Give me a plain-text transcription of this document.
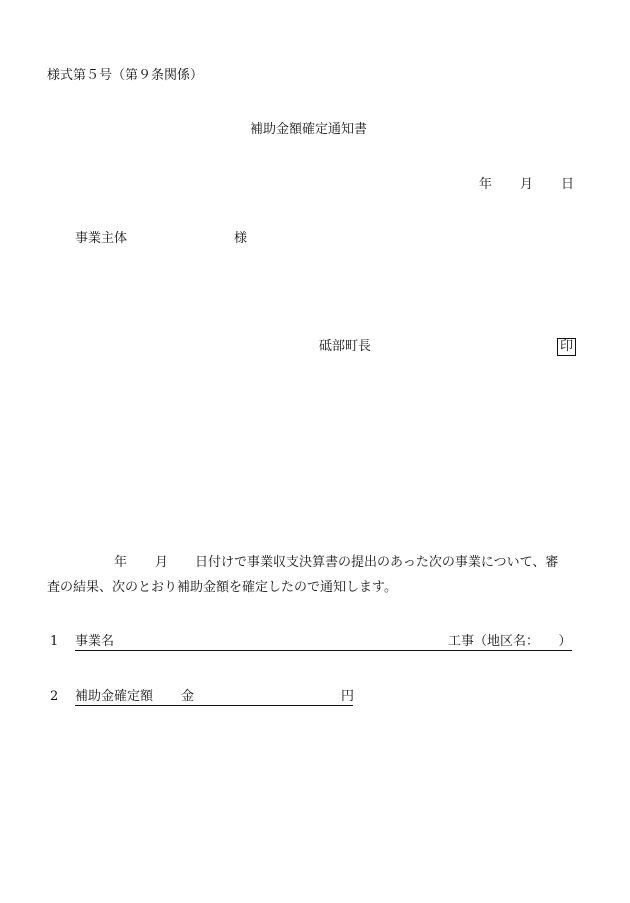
様式第５号（第９条関係）
補助金額確定通知書
年 月 日
事業主体	様
砥部町長	印
年 月 日付けで事業収支決算書の提出のあった次の事業について、審
査の結果、次のとおり補助金額を確定したので通知します。
1 事業名	工事（地区名：　　）
2 補助金確定額 金	円
